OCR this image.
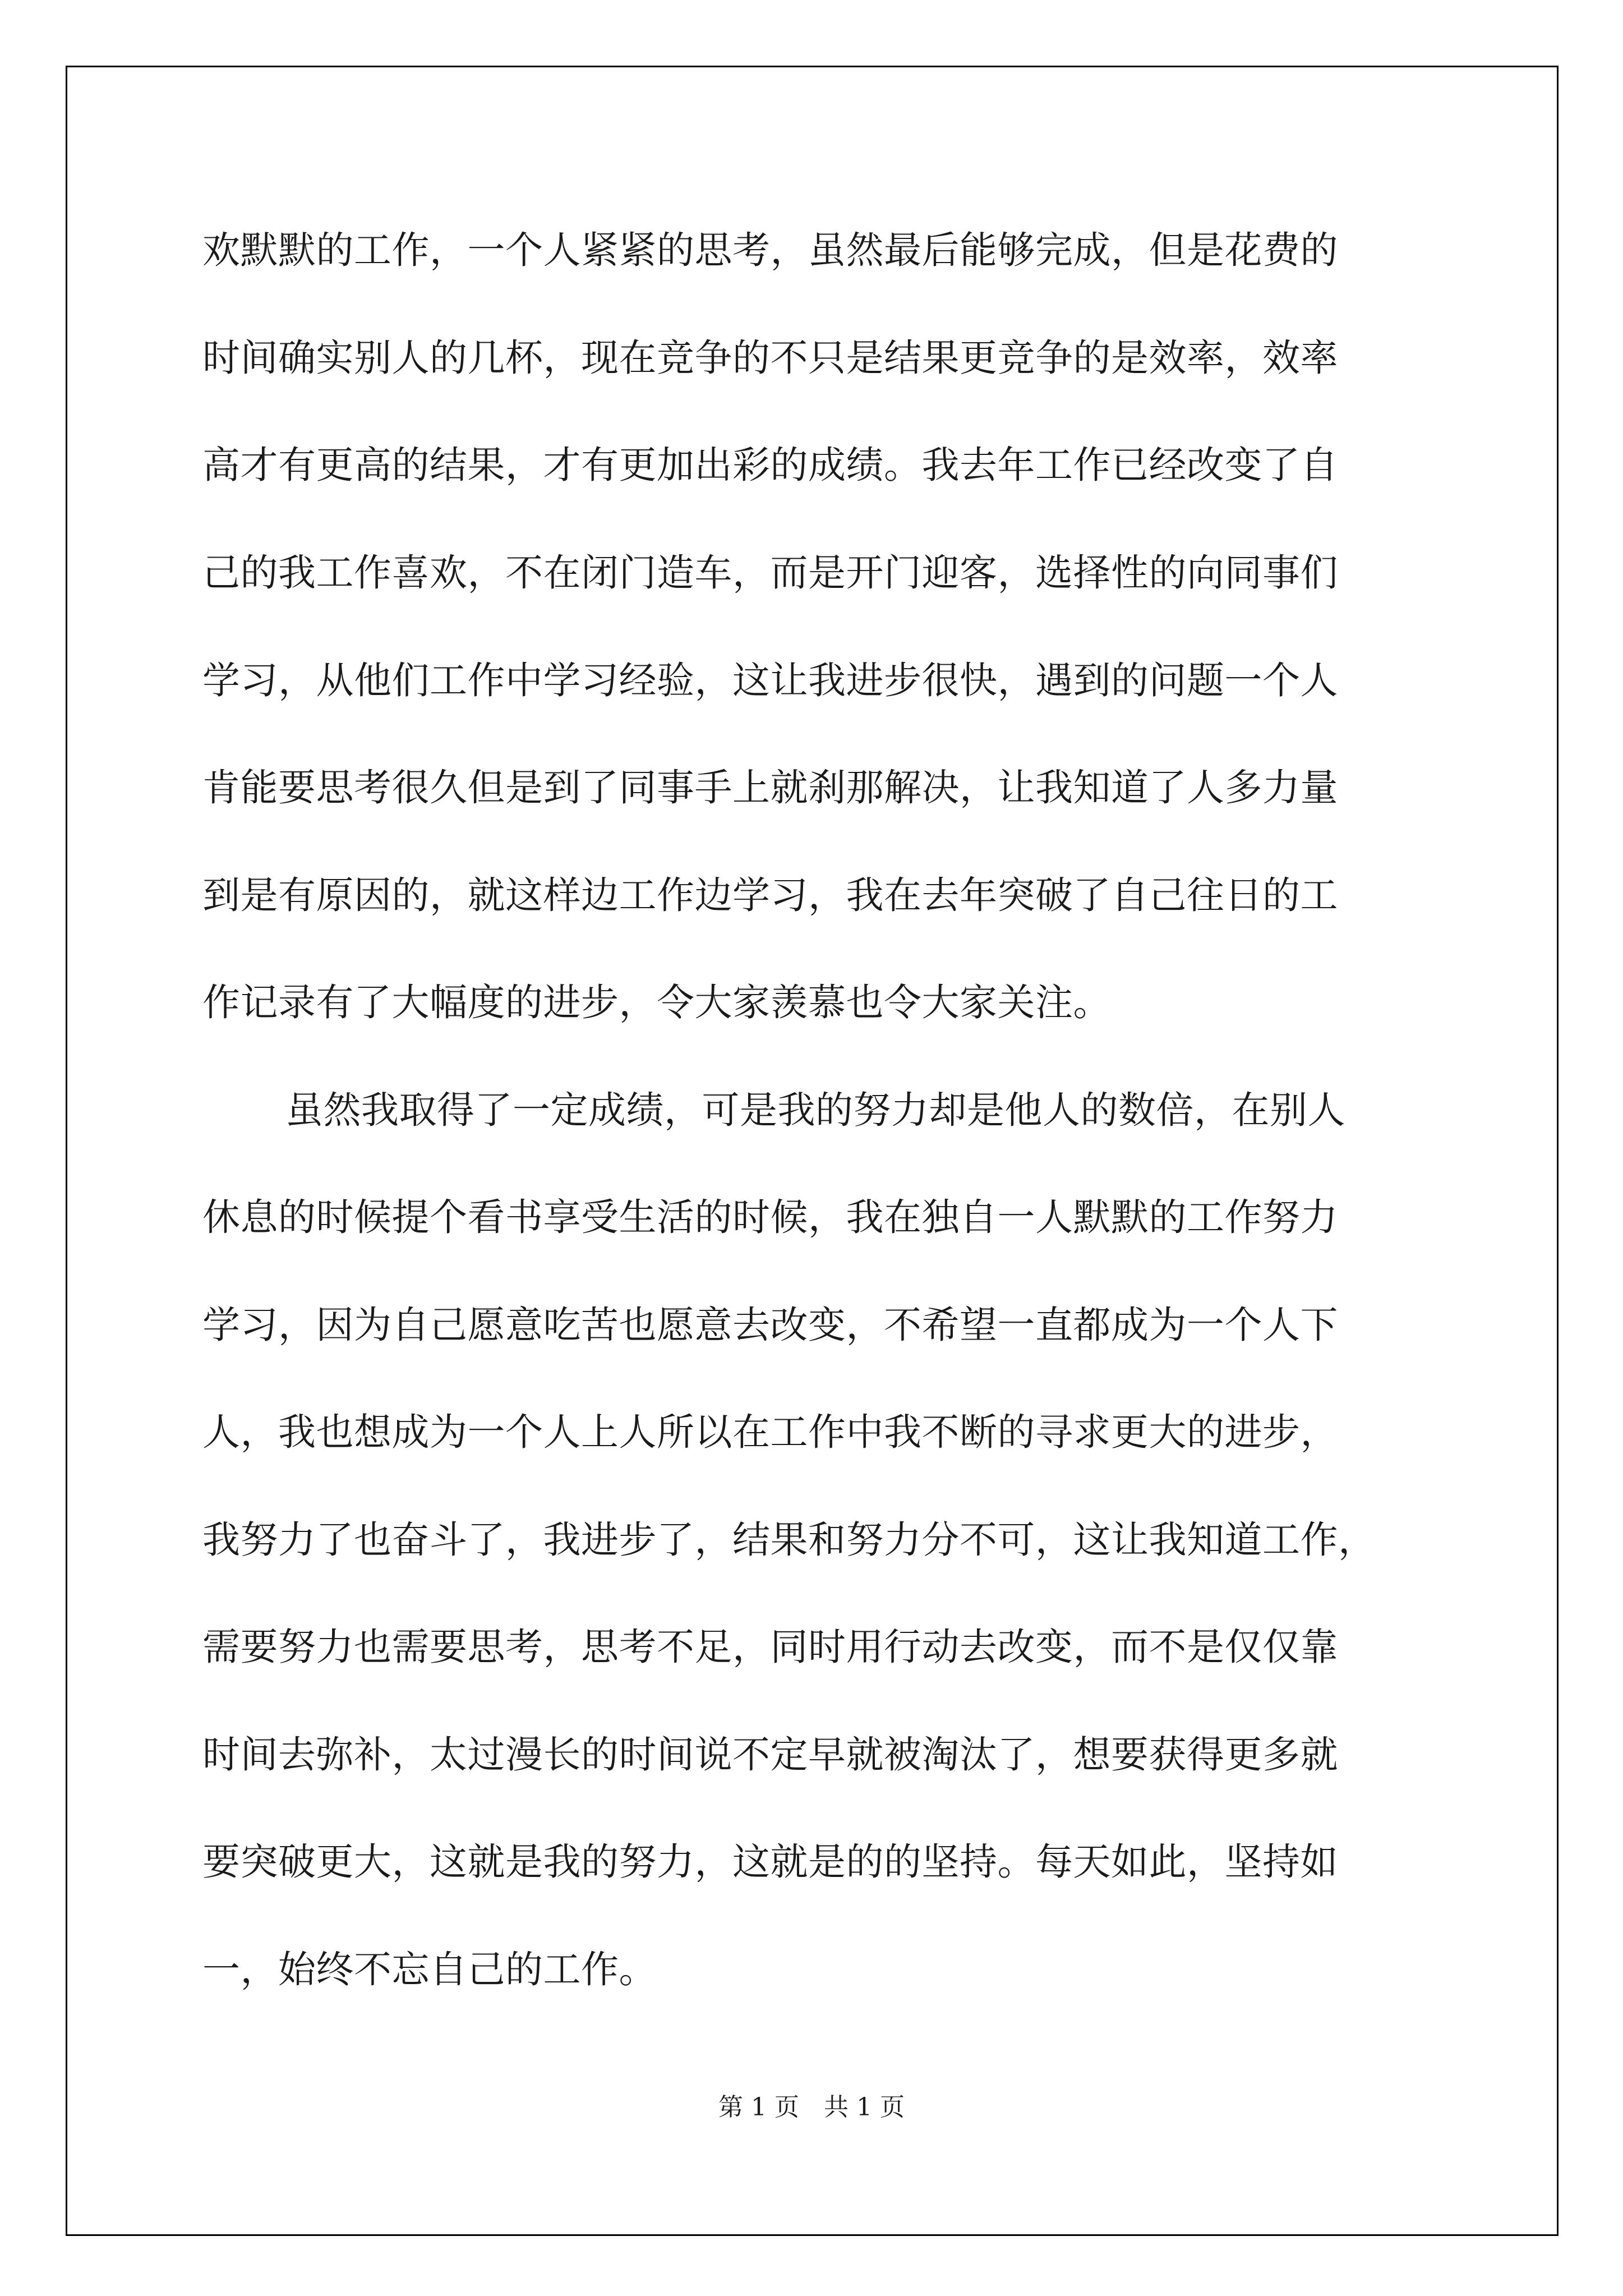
欢默默的工作，一个人紧紧的思考，虽然最后能够完成，但是花费的
时间确实别人的几杯，现在竞争的不只是结果更竞争的是效率，效率
高才有更高的结果，才有更加出彩的成绩。我去年工作已经改变了自
己的我工作喜欢，不在闭门造车，而是开门迎客，选择性的向同事们
学习，从他们工作中学习经验，这让我进步很快，遇到的问题一个人
肯能要思考很久但是到了同事手上就刹那解决，让我知道了人多力量
到是有原因的，就这样边工作边学习，我在去年突破了自己往日的工
作记录有了大幅度的进步，令大家羡慕也令大家关注。
虽然我取得了一定成绩，可是我的努力却是他人的数倍，在别人
休息的时候提个看书享受生活的时候，我在独自一人默默的工作努力
学习，因为自己愿意吃苦也愿意去改变，不希望一直都成为一个人下
人，我也想成为一个人上人所以在工作中我不断的寻求更大的进步，
我努力了也奋斗了，我进步了，结果和努力分不可，这让我知道工作，
需要努力也需要思考，思考不足，同时用行动去改变，而不是仅仅靠
时间去弥补，太过漫长的时间说不定早就被淘汰了，想要获得更多就
要突破更大，这就是我的努力，这就是的的坚持。每天如此，坚持如
一，始终不忘自己的工作。
第 1 页　共 1 页
